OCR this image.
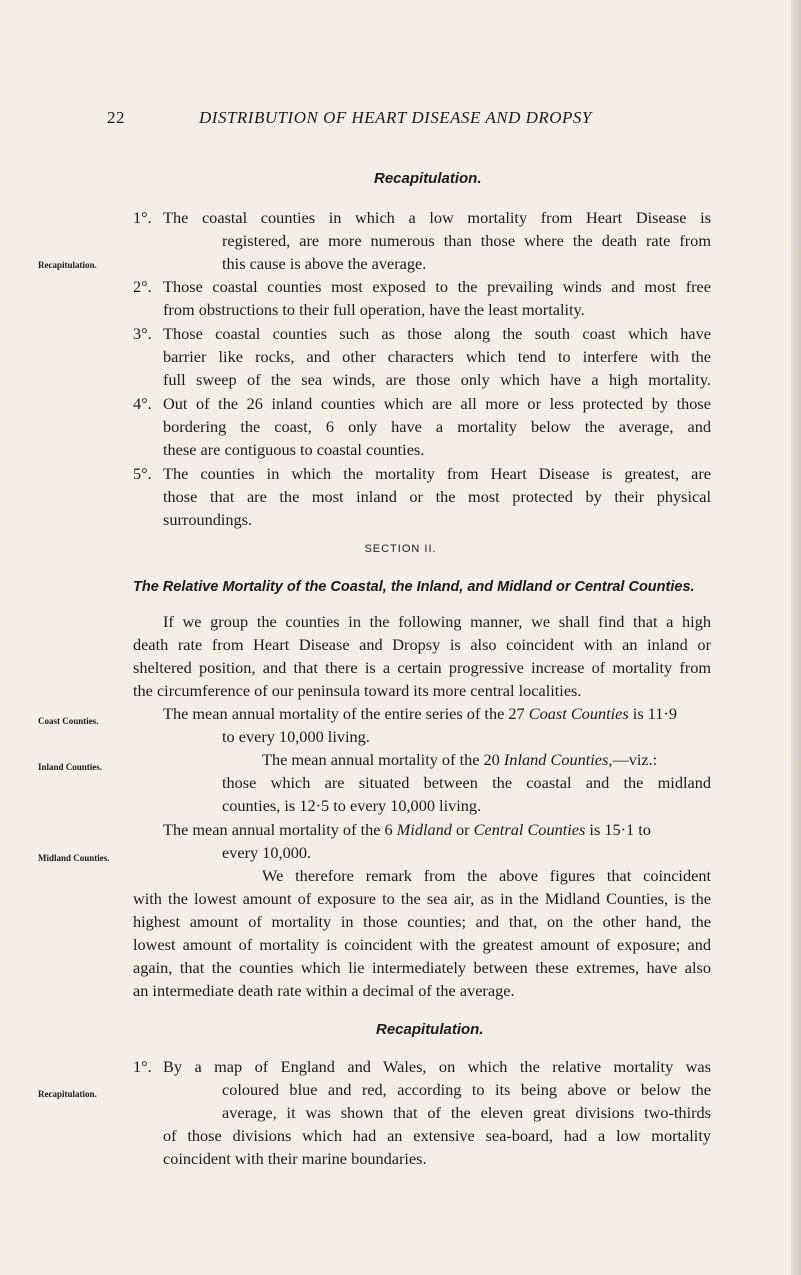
22	DISTRIBUTION OF HEART DISEASE AND DROPSY
Recapitulation.
Recapitulation.
1°. The coastal counties in which a low mortality from Heart Disease is
registered, are more numerous than those where the death rate from
this cause is above the average.
2°. Those coastal counties most exposed to the prevailing winds and most free
from obstructions to their full operation, have the least mortality.
3°. Those coastal counties such as those along the south coast which have
barrier like rocks, and other characters which tend to interfere with the
full sweep of the sea winds, are those only which have a high mortality.
4°. Out of the 26 inland counties which are all more or less protected by those
bordering the coast, 6 only have a mortality below the average, and
these are contiguous to coastal counties.
5°. The counties in which the mortality from Heart Disease is greatest, are
those that are the most inland or the most protected by their physical
surroundings.
SECTION II.
The Relative Mortality of the Coastal, the Inland, and Midland or Central Counties.
If we group the counties in the following manner, we shall find that a high
death rate from Heart Disease and Dropsy is also coincident with an inland or
sheltered position, and that there is a certain progressive increase of mortality from
the circumference of our peninsula toward its more central localities.
Coast Counties.	The mean annual mortality of the entire series of the 27 Coast Counties is 11·9
to every 10,000 living.
Inland Counties.	The mean annual mortality of the 20 Inland Counties,—viz.:
those which are situated between the coastal and the midland
counties, is 12·5 to every 10,000 living.
Midland Counties.
The mean annual mortality of the 6 Midland or Central Counties is 15·1 to
every 10,000.
We therefore remark from the above figures that coincident
with the lowest amount of exposure to the sea air, as in the Midland Counties, is the
highest amount of mortality in those counties; and that, on the other hand, the
lowest amount of mortality is coincident with the greatest amount of exposure; and
again, that the counties which lie intermediately between these extremes, have also
an intermediate death rate within a decimal of the average.
Recapitulation.
Recapitulation.
1°. By a map of England and Wales, on which the relative mortality was
coloured blue and red, according to its being above or below the
average, it was shown that of the eleven great divisions two-thirds
of those divisions which had an extensive sea-board, had a low mortality
coincident with their marine boundaries.
